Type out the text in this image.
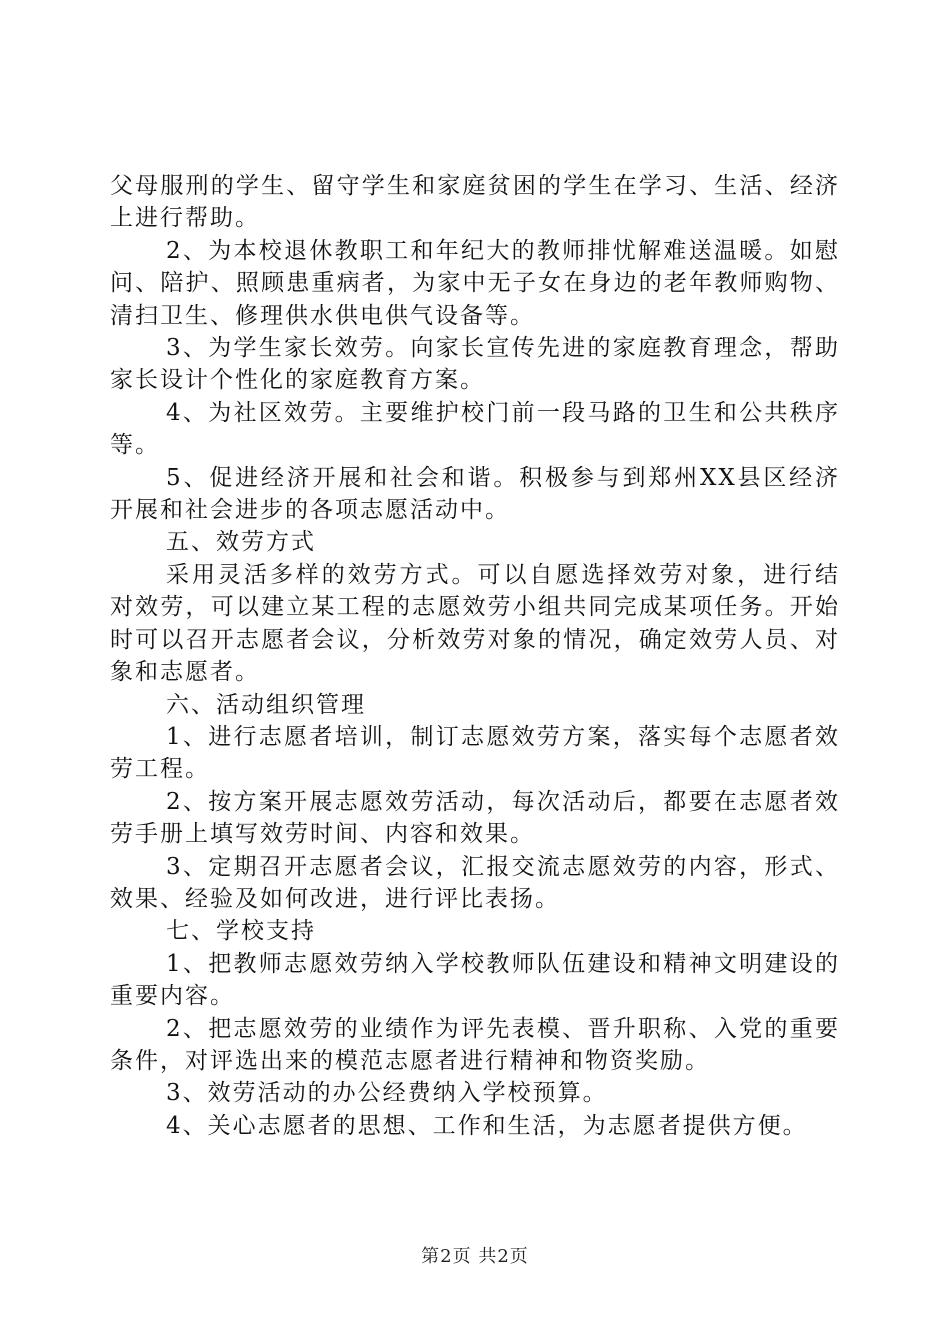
父母服刑的学生、留守学生和家庭贫困的学生在学习、生活、经济上进行帮助。

2、为本校退休教职工和年纪大的教师排忧解难送温暖。如慰问、陪护、照顾患重病者，为家中无子女在身边的老年教师购物、清扫卫生、修理供水供电供气设备等。

3、为学生家长效劳。向家长宣传先进的家庭教育理念，帮助家长设计个性化的家庭教育方案。

4、为社区效劳。主要维护校门前一段马路的卫生和公共秩序等。

5、促进经济开展和社会和谐。积极参与到郑州XX县区经济开展和社会进步的各项志愿活动中。

五、效劳方式

采用灵活多样的效劳方式。可以自愿选择效劳对象，进行结对效劳，可以建立某工程的志愿效劳小组共同完成某项任务。开始时可以召开志愿者会议，分析效劳对象的情况，确定效劳人员、对象和志愿者。

六、活动组织管理

1、进行志愿者培训，制订志愿效劳方案，落实每个志愿者效劳工程。

2、按方案开展志愿效劳活动，每次活动后，都要在志愿者效劳手册上填写效劳时间、内容和效果。

3、定期召开志愿者会议，汇报交流志愿效劳的内容，形式、效果、经验及如何改进，进行评比表扬。

七、学校支持

1、把教师志愿效劳纳入学校教师队伍建设和精神文明建设的重要内容。

2、把志愿效劳的业绩作为评先表模、晋升职称、入党的重要条件，对评选出来的模范志愿者进行精神和物资奖励。

3、效劳活动的办公经费纳入学校预算。

4、关心志愿者的思想、工作和生活，为志愿者提供方便。

第2页 共2页
